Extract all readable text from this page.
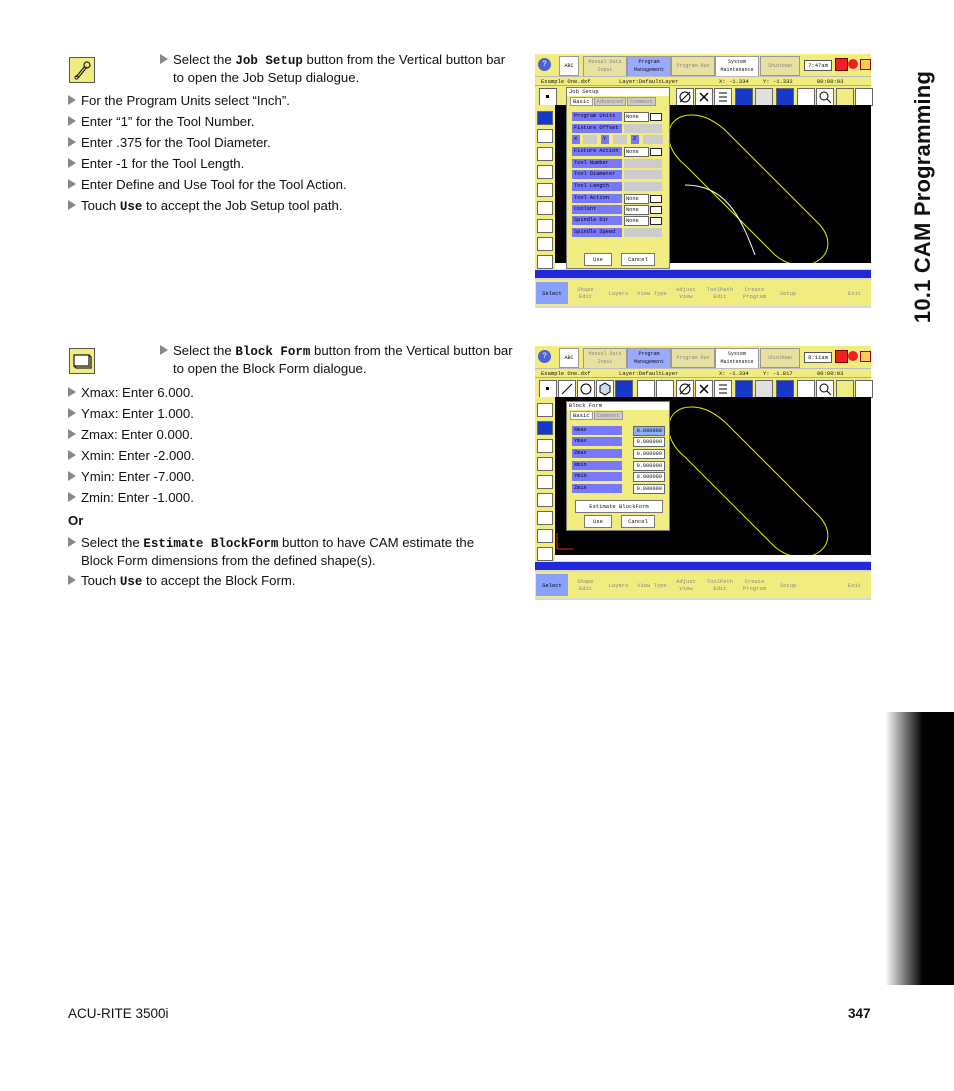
10.1 CAM Programming
Select the Job Setup button from the Vertical button bar to open the Job Setup dialogue.
For the Program Units select “Inch”.
Enter “1” for the Tool Number.
Enter .375 for the Tool Diameter.
Enter -1 for the Tool Length.
Enter Define and Use Tool for the Tool Action.
Touch Use to accept the Job Setup tool path.
Select the Block Form button from the Vertical button bar to open the Block Form dialogue.
Xmax: Enter 6.000.
Ymax: Enter 1.000.
Zmax: Enter 0.000.
Xmin: Enter -2.000.
Ymin: Enter -7.000.
Zmin: Enter -1.000.
Or
Select the Estimate BlockForm button to have CAM estimate the Block Form dimensions from the defined shape(s).
Touch Use to accept the Block Form.
?	ABC
Manual Data Input
Program Management
Program Run
System Maintenance
Shutdown	7:47am
Example One.dxf	Layer:DefaultLayer	X: -1.334	Y: -1.332	00:00:03
Select	Shape Edit	Layers	View Type	Adjust View
ToolPath Edit
Create Program	Setup	Exit
Job Setup
Basic Advanced Comment
Program Units	None
Fixture Offset
X	Y	Z
Fixture Action	None
Tool Number
Tool Diameter
Tool Length
Tool Action	None
Coolant	None
Spindle Dir	None
Spindle Speed
Use	Cancel
?	ABC
Manual Data Input
Program Management
Program Run
System Maintenance
Shutdown	8:11am
Example One.dxf	Layer:DefaultLayer	X: -1.334	Y: -1.817	00:00:03
Select	Shape Edit	Layers	View Type	Adjust View
ToolPath Edit
Create Program	Setup	Exit
Block Form
Basic Comment
Xmax	0.000000
Ymax	0.000000
Zmax	0.000000
Xmin	0.000000
Ymin	0.000000
Zmin	0.000000
Estimate BlockForm
Use	Cancel
ACU-RITE 3500i	347
